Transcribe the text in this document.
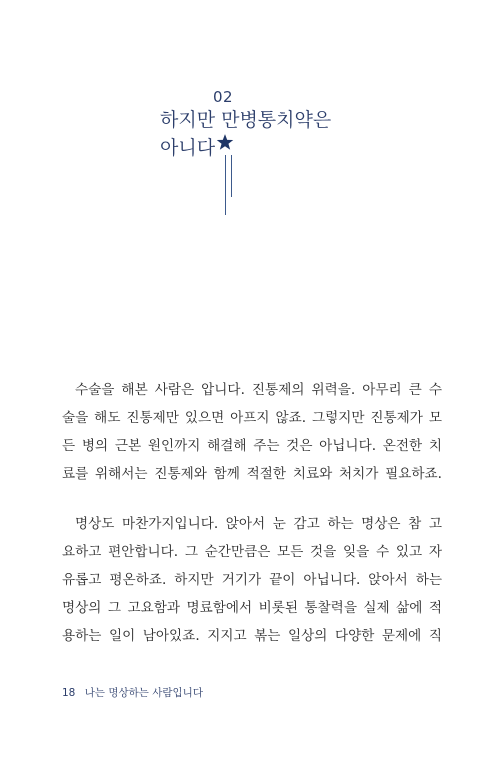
02
하지만 만병통치약은
아니다

수술을 해본 사람은 압니다. 진통제의 위력을. 아무리 큰 수
술을 해도 진통제만 있으면 아프지 않죠. 그렇지만 진통제가 모
든 병의 근본 원인까지 해결해 주는 것은 아닙니다. 온전한 치
료를 위해서는 진통제와 함께 적절한 치료와 처치가 필요하죠.

명상도 마찬가지입니다. 앉아서 눈 감고 하는 명상은 참 고
요하고 편안합니다. 그 순간만큼은 모든 것을 잊을 수 있고 자
유롭고 평온하죠. 하지만 거기가 끝이 아닙니다. 앉아서 하는
명상의 그 고요함과 명료함에서 비롯된 통찰력을 실제 삶에 적
용하는 일이 남아있죠. 지지고 볶는 일상의 다양한 문제에 직

18 나는 명상하는 사람입니다
